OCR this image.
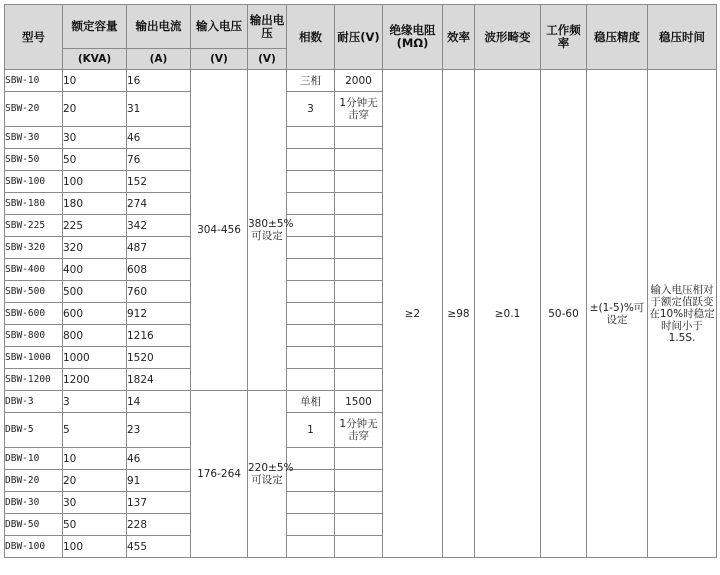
型号	额定容量	输出电流	输入电压	输出电压	相数	耐压(V)	绝缘电阻(MΩ)	效率	波形畸变	工作频率	稳压精度	稳压时间
	(KVA)	(A)	(V)	(V)								
SBW-10	10	16	304-456	380±5%可设定	三相	2000	≥2	≥98	≥0.1	50-60	±(1-5)%可设定	输入电压相对于额定值跃变在10%时稳定时间小于1.5S.
SBW-20	20	31			3	1分钟无击穿						
SBW-30	30	46										
SBW-50	50	76										
SBW-100	100	152										
SBW-180	180	274										
SBW-225	225	342										
SBW-320	320	487										
SBW-400	400	608										
SBW-500	500	760										
SBW-600	600	912										
SBW-800	800	1216										
SBW-1000	1000	1520										
SBW-1200	1200	1824										
DBW-3	3	14	176-264	220±5%可设定	单相	1500						
DBW-5	5	23			1	1分钟无击穿						
DBW-10	10	46										
DBW-20	20	91										
DBW-30	30	137										
DBW-50	50	228										
DBW-100	100	455										
